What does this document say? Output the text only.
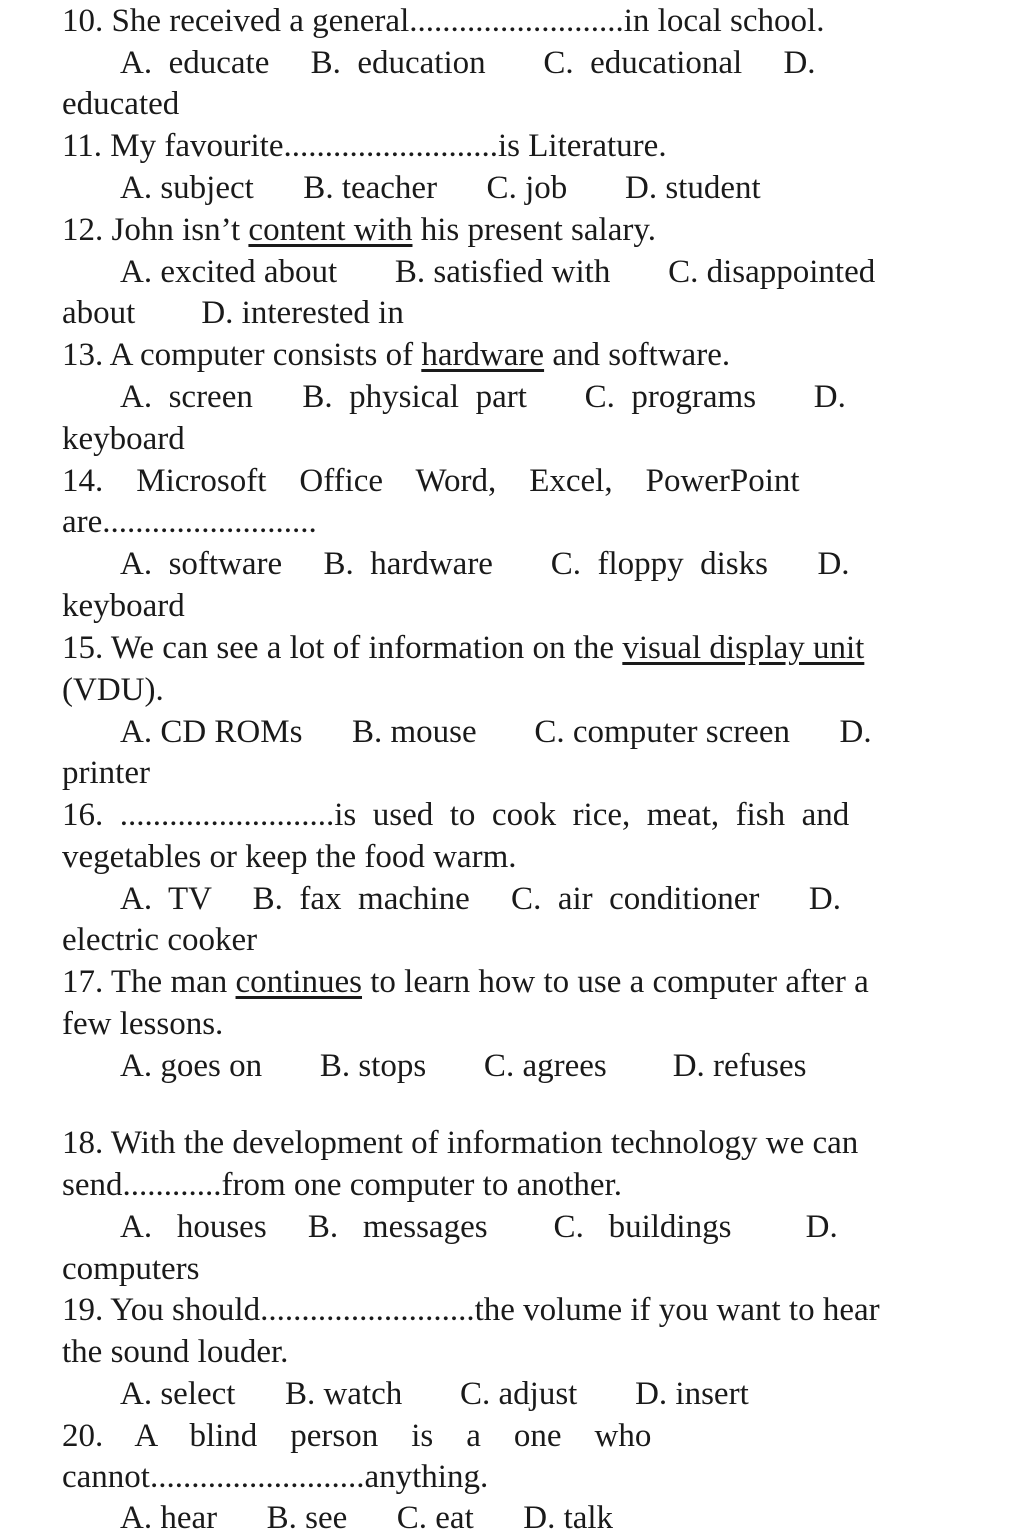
10. She received a general..........................in local school.
A.  educate     B.  education       C.  educational     D.
educated
11. My favourite..........................is Literature.
A. subject      B. teacher      C. job       D. student
12. John isn’t content with his present salary.
A. excited about       B. satisfied with       C. disappointed
about        D. interested in
13. A computer consists of hardware and software.
A.  screen      B.  physical  part       C.  programs       D.
keyboard
14.    Microsoft    Office    Word,    Excel,    PowerPoint
are..........................
A.  software     B.  hardware       C.  floppy  disks      D.
keyboard
15. We can see a lot of information on the visual display unit
(VDU).
A. CD ROMs      B. mouse       C. computer screen      D.
printer
16.  ..........................is  used  to  cook  rice,  meat,  fish  and
vegetables or keep the food warm.
A.  TV     B.  fax  machine     C.  air  conditioner      D.
electric cooker
17. The man continues to learn how to use a computer after a
few lessons.
A. goes on       B. stops       C. agrees        D. refuses
18. With the development of information technology we can
send............from one computer to another.
A.   houses     B.   messages        C.   buildings         D.
computers
19. You should..........................the volume if you want to hear
the sound louder.
A. select      B. watch       C. adjust       D. insert
20.    A    blind    person    is    a    one    who
cannot..........................anything.
A. hear      B. see      C. eat      D. talk
